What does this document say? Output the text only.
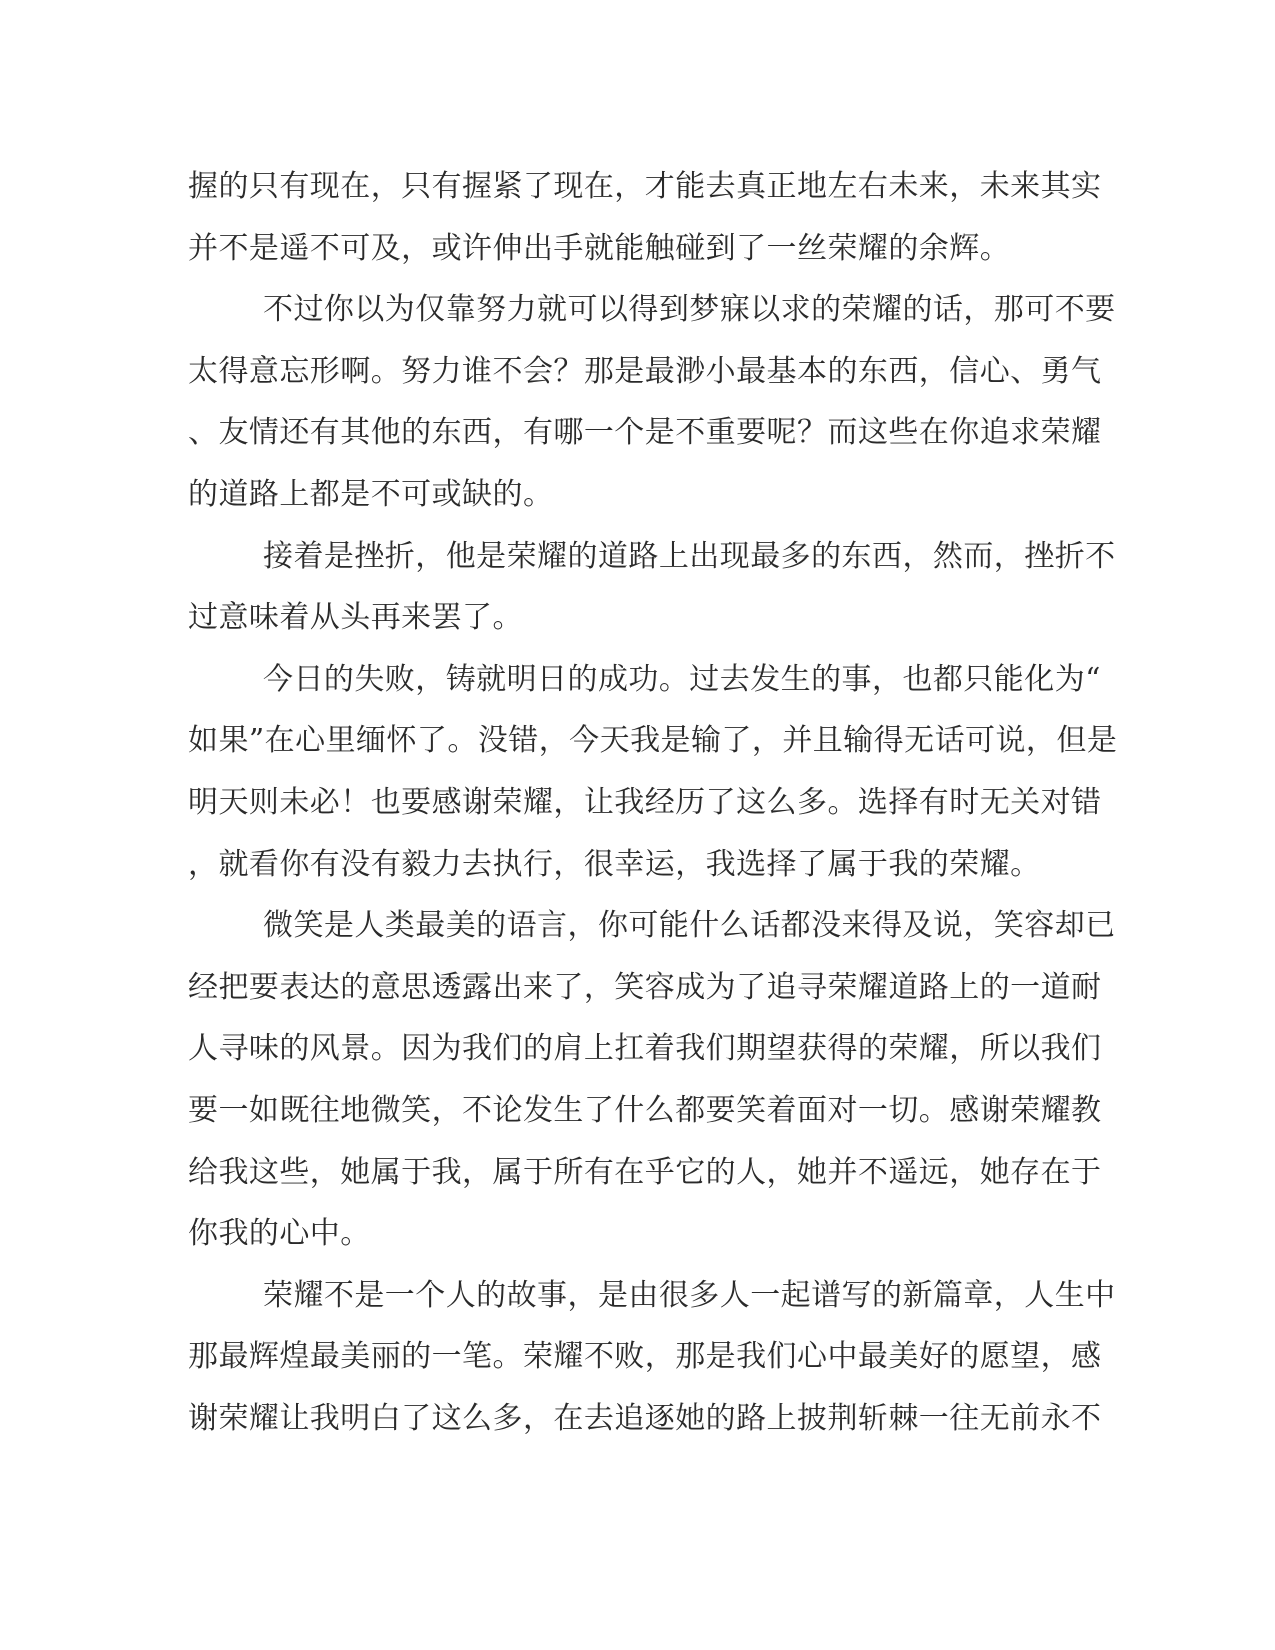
握的只有现在，只有握紧了现在，才能去真正地左右未来，未来其实
并不是遥不可及，或许伸出手就能触碰到了一丝荣耀的余辉。
不过你以为仅靠努力就可以得到梦寐以求的荣耀的话，那可不要
太得意忘形啊。努力谁不会？那是最渺小最基本的东西，信心、勇气
、友情还有其他的东西，有哪一个是不重要呢？而这些在你追求荣耀
的道路上都是不可或缺的。
接着是挫折，他是荣耀的道路上出现最多的东西，然而，挫折不
过意味着从头再来罢了。
今日的失败，铸就明日的成功。过去发生的事，也都只能化为“
如果”在心里缅怀了。没错，今天我是输了，并且输得无话可说，但是
明天则未必！也要感谢荣耀，让我经历了这么多。选择有时无关对错
，就看你有没有毅力去执行，很幸运，我选择了属于我的荣耀。
微笑是人类最美的语言，你可能什么话都没来得及说，笑容却已
经把要表达的意思透露出来了，笑容成为了追寻荣耀道路上的一道耐
人寻味的风景。因为我们的肩上扛着我们期望获得的荣耀，所以我们
要一如既往地微笑，不论发生了什么都要笑着面对一切。感谢荣耀教
给我这些，她属于我，属于所有在乎它的人，她并不遥远，她存在于
你我的心中。
荣耀不是一个人的故事，是由很多人一起谱写的新篇章，人生中
那最辉煌最美丽的一笔。荣耀不败，那是我们心中最美好的愿望，感
谢荣耀让我明白了这么多，在去追逐她的路上披荆斩棘一往无前永不
